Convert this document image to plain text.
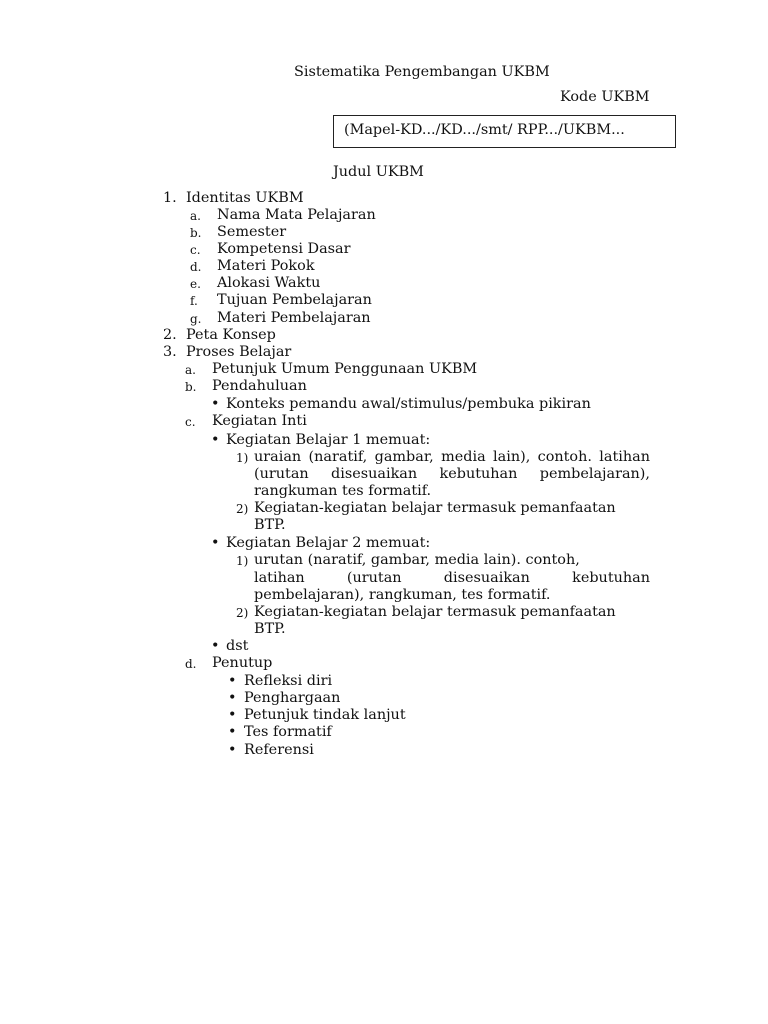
Sistematika Pengembangan UKBM
Kode UKBM
(Mapel-KD.../KD.../smt/ RPP.../UKBM...
Judul UKBM
1. Identitas UKBM
a. Nama Mata Pelajaran
b. Semester
c. Kompetensi Dasar
d. Materi Pokok
e. Alokasi Waktu
f. Tujuan Pembelajaran
g. Materi Pembelajaran
2. Peta Konsep
3. Proses Belajar
a. Petunjuk Umum Penggunaan UKBM
b. Pendahuluan
• Konteks pemandu awal/stimulus/pembuka pikiran
c. Kegiatan Inti
• Kegiatan Belajar 1 memuat:
1) uraian (naratif, gambar, media lain), contoh. latihan
(urutan disesuaikan kebutuhan pembelajaran),
rangkuman tes formatif.
2) Kegiatan-kegiatan belajar termasuk pemanfaatan
BTP.
• Kegiatan Belajar 2 memuat:
1) urutan (naratif, gambar, media lain). contoh,
latihan (urutan disesuaikan kebutuhan
pembelajaran), rangkuman, tes formatif.
2) Kegiatan-kegiatan belajar termasuk pemanfaatan
BTP.
• dst
d. Penutup
• Refleksi diri
• Penghargaan
• Petunjuk tindak lanjut
• Tes formatif
• Referensi
